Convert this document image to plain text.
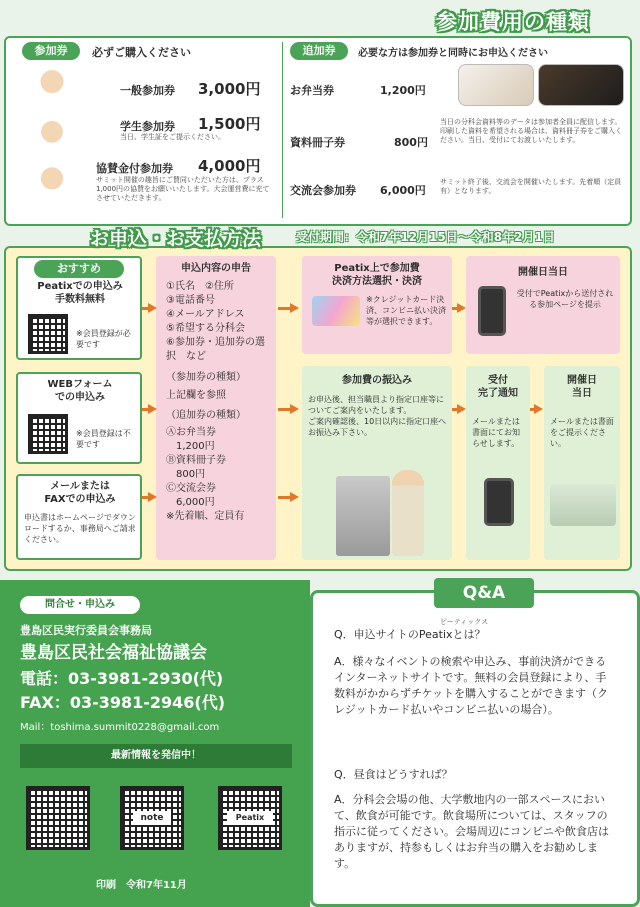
参加費用の種類
参加券	必ずご購入ください
一般参加券 3,000円
学生参加券 1,500円
当日、学生証をご提示ください。
協賛金付参加券 4,000円
サミット開催の趣旨にご賛同いただいた方は、プラス1,000円の協賛をお願いいたします。大会運営費に充てさせていただきます。
追加券	必要な方は参加券と同時にお申込ください
お弁当券	1,200円
資料冊子券	800円
当日の分科会資料等のデータは参加者全員に配信します。印刷した資料を希望される場合は、資料冊子券をご購入ください。当日、受付にてお渡しいたします。
交流会参加券 6,000円
サミット終了後、交流会を開催いたします。先着順（定員有）となります。
お申込・お支払方法	受付期間：令和7年12月15日～令和8年2月1日
おすすめ
Peatixでの申込み
手数料無料
※会員登録が必要です
WEBフォーム
での申込み
※会員登録は不要です
メールまたは
FAXでの申込み
申込書はホームページでダウンロードするか、事務局へご請求ください。
申込内容の申告
①氏名　②住所
③電話番号
④メールアドレス
⑤希望する分科会
⑥参加券・追加券の選択　など
（参加券の種類）
上記欄を参照
（追加券の種類）
Ⓐお弁当券
　1,200円
Ⓑ資料冊子券
　800円
Ⓒ交流会券
　6,000円
※先着順、定員有
Peatix上で参加費
決済方法選択・決済
※クレジットカード決済、コンビニ払い決済等が選択できます。
開催日当日
受付でPeatixから送付される参加ページを提示
参加費の振込み
お申込後、担当職員より指定口座等についてご案内をいたします。
ご案内確認後、10日以内に指定口座へお振込み下さい。
受付
完了通知
メールまたは書面にてお知らせします。
開催日
当日
メールまたは書面をご提示ください。
問合せ・申込み
豊島区民実行委員会事務局
豊島区民社会福祉協議会
電話：03-3981-2930(代)
FAX：03-3981-2946(代)
Mail：toshima.summit0228@gmail.com
最新情報を発信中！
note	Peatix
印刷　令和7年11月
Q&A
ピーティックス
Q．申込サイトのPeatixとは？
A．様々なイベントの検索や申込み、事前決済ができるインターネットサイトです。無料の会員登録により、手数料がかからずチケットを購入することができます（クレジットカード払いやコンビニ払いの場合）。
Q．昼食はどうすれば？
A．分科会会場の他、大学敷地内の一部スペースにおいて、飲食が可能です。飲食場所については、スタッフの指示に従ってください。会場周辺にコンビニや飲食店はありますが、持参もしくはお弁当の購入をお勧めします。
